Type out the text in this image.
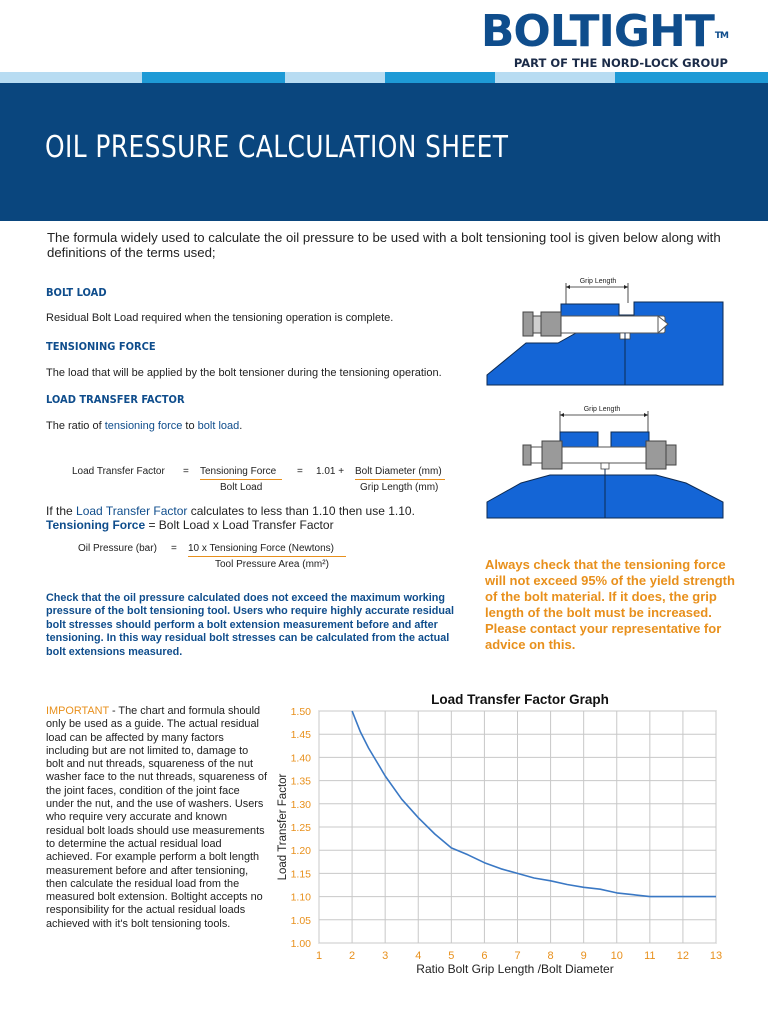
BOLTIGHT™
PART OF THE NORD-LOCK GROUP
OIL PRESSURE CALCULATION SHEET
The formula widely used to calculate the oil pressure to be used with a bolt tensioning tool is given below along with definitions of the terms used;
BOLT LOAD
Residual Bolt Load required when the tensioning operation is complete.
TENSIONING FORCE
The load that will be applied by the bolt tensioner during the tensioning operation.
LOAD TRANSFER FACTOR
The ratio of tensioning force to bolt load.
Load Transfer Factor = Tensioning Force	= 1.01 + Bolt Diameter (mm)
Bolt Load	Grip Length (mm)
If the Load Transfer Factor calculates to less than 1.10 then use 1.10.
Tensioning Force = Bolt Load x Load Transfer Factor
Oil Pressure (bar) = 10 x Tensioning Force (Newtons)
Tool Pressure Area (mm²)
Check that the oil pressure calculated does not exceed the maximum working pressure of the bolt tensioning tool. Users who require highly accurate residual bolt stresses should perform a bolt extension measurement before and after tensioning. In this way residual bolt stresses can be calculated from the actual bolt extensions measured.
Always check that the tensioning force will not exceed 95% of the yield strength of the bolt material. If it does, the grip length of the bolt must be increased. Please contact your representative for advice on this.
IMPORTANT - The chart and formula should only be used as a guide. The actual residual load can be affected by many factors including but are not limited to, damage to bolt and nut threads, squareness of the nut washer face to the nut threads, squareness of the joint faces, condition of the joint face under the nut, and the use of washers. Users who require very accurate and known residual bolt loads should use measurements to determine the actual residual load achieved. For example perform a bolt length measurement before and after tensioning, then calculate the residual load from the measured bolt extension. Boltight accepts no responsibility for the actual residual loads achieved with it's bolt tensioning tools.
Grip Length
Grip Length
Load Transfer Factor Graph
1 2 3 4 5 6 7 8 9 10 11 12 13
1.00
1.05
1.10
1.15
1.20
1.25
1.30
1.35
1.40
1.45
1.50
Load Transfer Factor
Ratio Bolt Grip Length /Bolt Diameter
